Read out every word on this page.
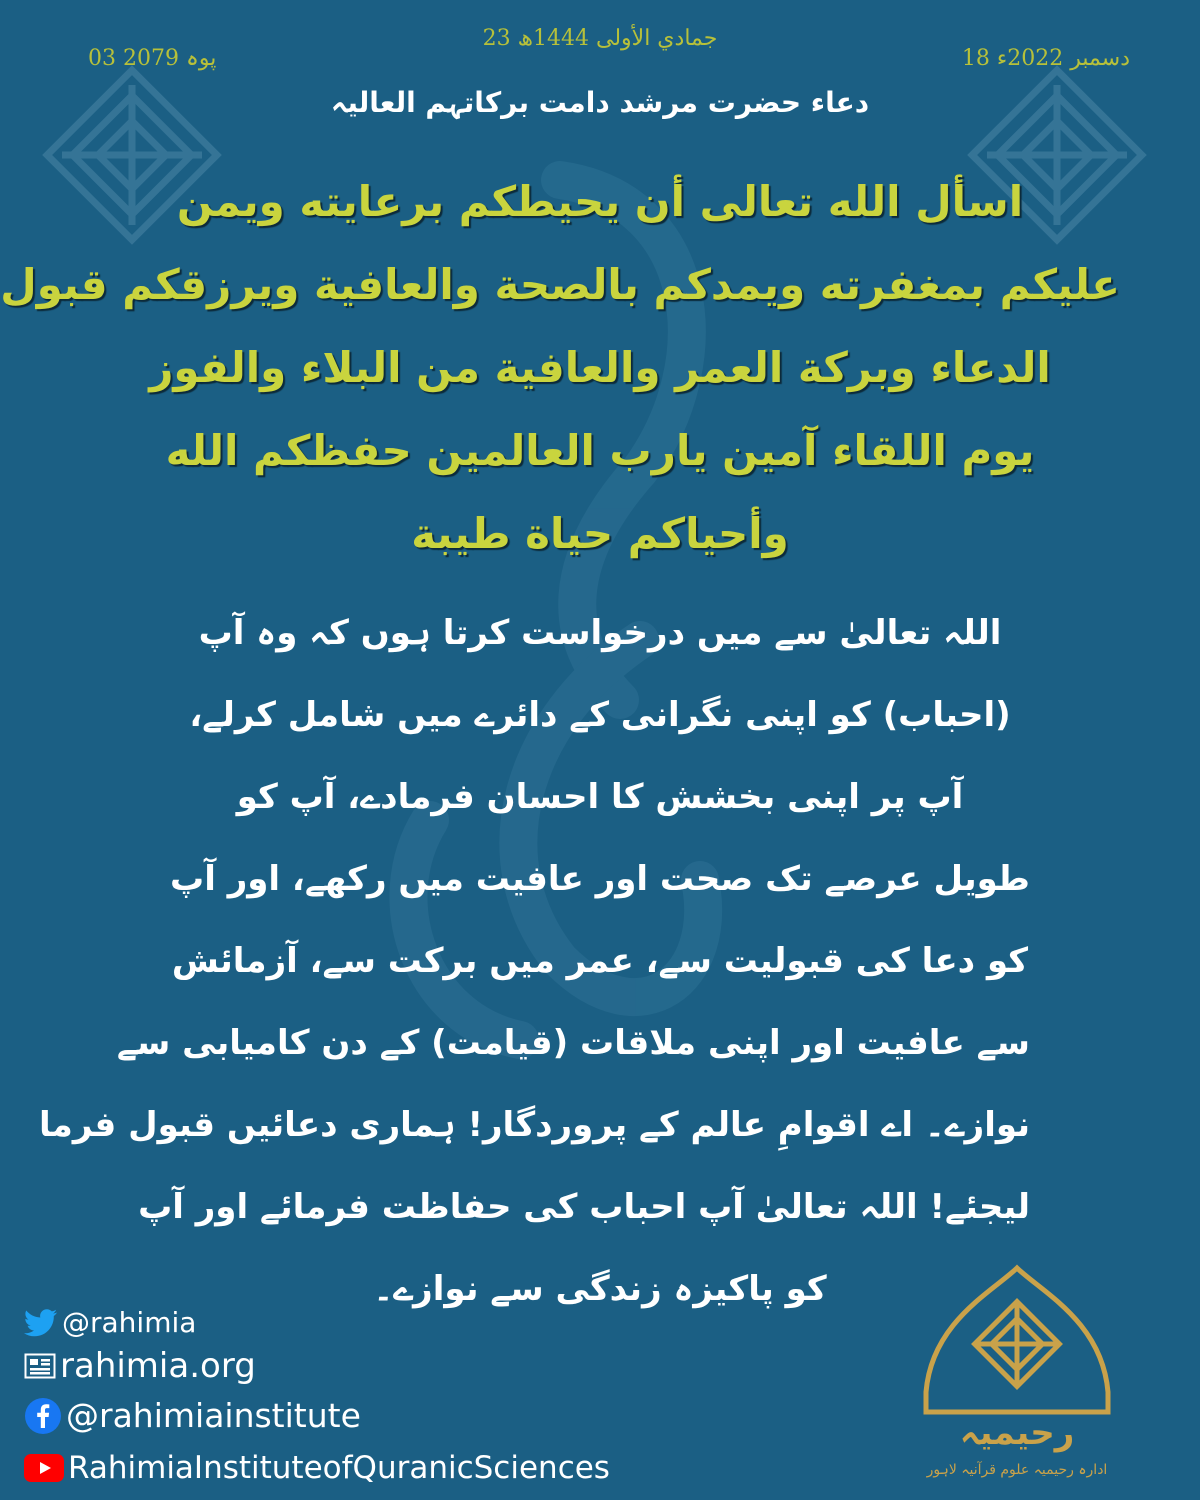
23 جمادي الأولى 1444ھ
18 دسمبر 2022ء
03 پوہ 2079
دعاء حضرت مرشد دامت برکاتہم العالیہ
اسأل الله تعالى أن يحيطكم برعايته ويمن
عليكم بمغفرته ويمدكم بالصحة والعافية ويرزقكم قبول
الدعاء وبركة العمر والعافية من البلاء والفوز
يوم اللقاء آمين يارب العالمين حفظكم الله
وأحياكم حياة طيبة
اللہ تعالیٰ سے میں درخواست کرتا ہوں کہ وہ آپ
(احباب) کو اپنی نگرانی کے دائرے میں شامل کرلے،
آپ پر اپنی بخشش کا احسان فرمادے، آپ کو
طویل عرصے تک صحت اور عافیت میں رکھے، اور آپ
کو دعا کی قبولیت سے، عمر میں برکت سے، آزمائش
سے عافیت اور اپنی ملاقات (قیامت) کے دن کامیابی سے
نوازے۔ اے اقوامِ عالم کے پروردگار! ہماری دعائیں قبول فرما
لیجئے! اللہ تعالیٰ آپ احباب کی حفاظت فرمائے اور آپ
کو پاکیزہ زندگی سے نوازے۔
@rahimia
rahimia.org
@rahimiainstitute
RahimiaInstituteofQuranicSciences
رحیمیہ
ادارہ رحیمیہ علوم قرآنیہ لاہور
